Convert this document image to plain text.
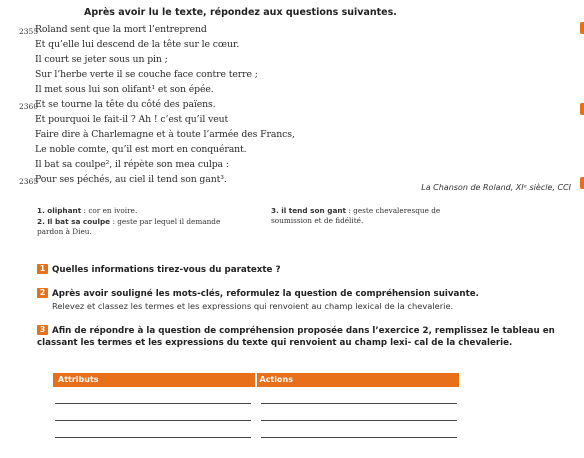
Après avoir lu le texte, répondez aux questions suivantes.
2355
Roland sent que la mort l’entreprend
Et qu’elle lui descend de la tête sur le cœur.
Il court se jeter sous un pin ;
Sur l’herbe verte il se couche face contre terre ;
Il met sous lui son olifant¹ et son épée.
2360
Et se tourne la tête du côté des païens.
Et pourquoi le fait-il ? Ah ! c’est qu’il veut
Faire dire à Charlemagne et à toute l’armée des Francs,
Le noble comte, qu’il est mort en conquérant.
Il bat sa coulpe², il répète son mea culpa :
2365
Pour ses péchés, au ciel il tend son gant³.
La Chanson de Roland, XIᵉ siècle, CCI
1. oliphant : cor en ivoire.
2. Il bat sa coulpe : geste par lequel il demande pardon à Dieu.
3. il tend son gant : geste chevaleresque de soumission et de fidélité.
1 Quelles informations tirez-vous du paratexte ?
2 Après avoir souligné les mots-clés, reformulez la question de compréhension suivante.
Relevez et classez les termes et les expressions qui renvoient au champ lexical de la chevalerie.
3 Afin de répondre à la question de compréhension proposée dans l’exercice 2, remplissez le tableau en classant les termes et les expressions du texte qui renvoient au champ lexi- cal de la chevalerie.
Attributs	Actions
